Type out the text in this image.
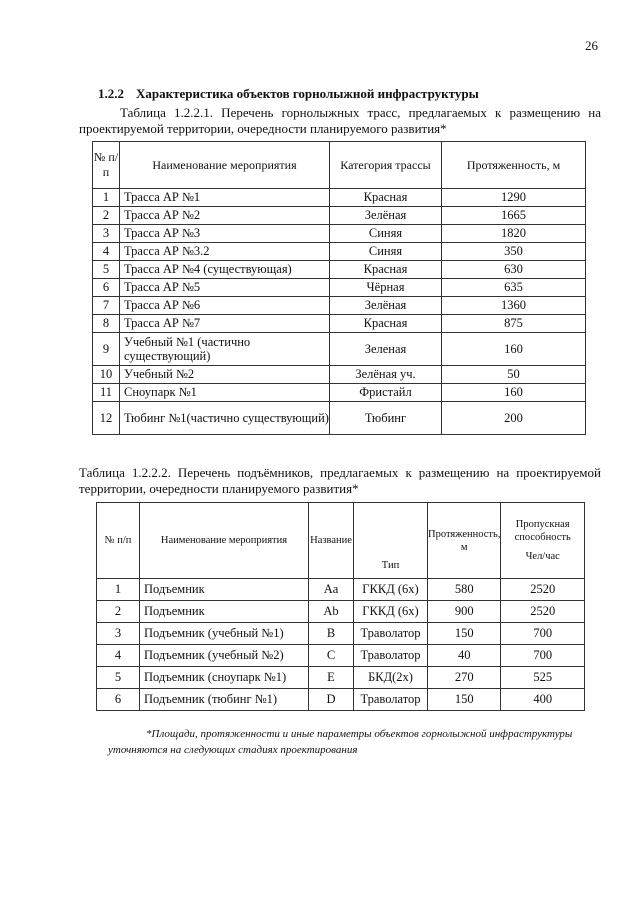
26
1.2.2 Характеристика объектов горнолыжной инфраструктуры
Таблица 1.2.2.1. Перечень горнолыжных трасс, предлагаемых к размещению на проектируемой территории, очередности планируемого развития*
№ п/п	Наименование мероприятия	Категория трассы	Протяженность, м
1	Трасса АР №1	Красная	1290
2	Трасса АР №2	Зелёная	1665
3	Трасса АР №3	Синяя	1820
4	Трасса АР №3.2	Синяя	350
5	Трасса АР №4 (существующая)	Красная	630
6	Трасса АР №5	Чёрная	635
7	Трасса АР №6	Зелёная	1360
8	Трасса АР №7	Красная	875
9	Учебный №1 (частично существующий)	Зеленая	160
10	Учебный №2	Зелёная уч.	50
11	Сноупарк №1	Фристайл	160
12	Тюбинг №1(частично существующий)	Тюбинг	200
Таблица 1.2.2.2. Перечень подъёмников, предлагаемых к размещению на проектируемой территории, очередности планируемого развития*
№ п/п	Наименование мероприятия	Название	Тип	Протяженность, м	Пропускная способность
Чел/час

1	Подъемник	Aa	ГККД (6х)	580	2520
2	Подъемник	Ab	ГККД (6х)	900	2520
3	Подъемник (учебный №1)	B	Траволатор	150	700
4	Подъемник (учебный №2)	C	Траволатор	40	700
5	Подъемник (сноупарк №1)	E	БКД(2х)	270	525
6	Подъемник (тюбинг №1)	D	Траволатор	150	400
*Площади, протяженности и иные параметры объектов горнолыжной инфраструктуры уточняются на следующих стадиях проектирования
